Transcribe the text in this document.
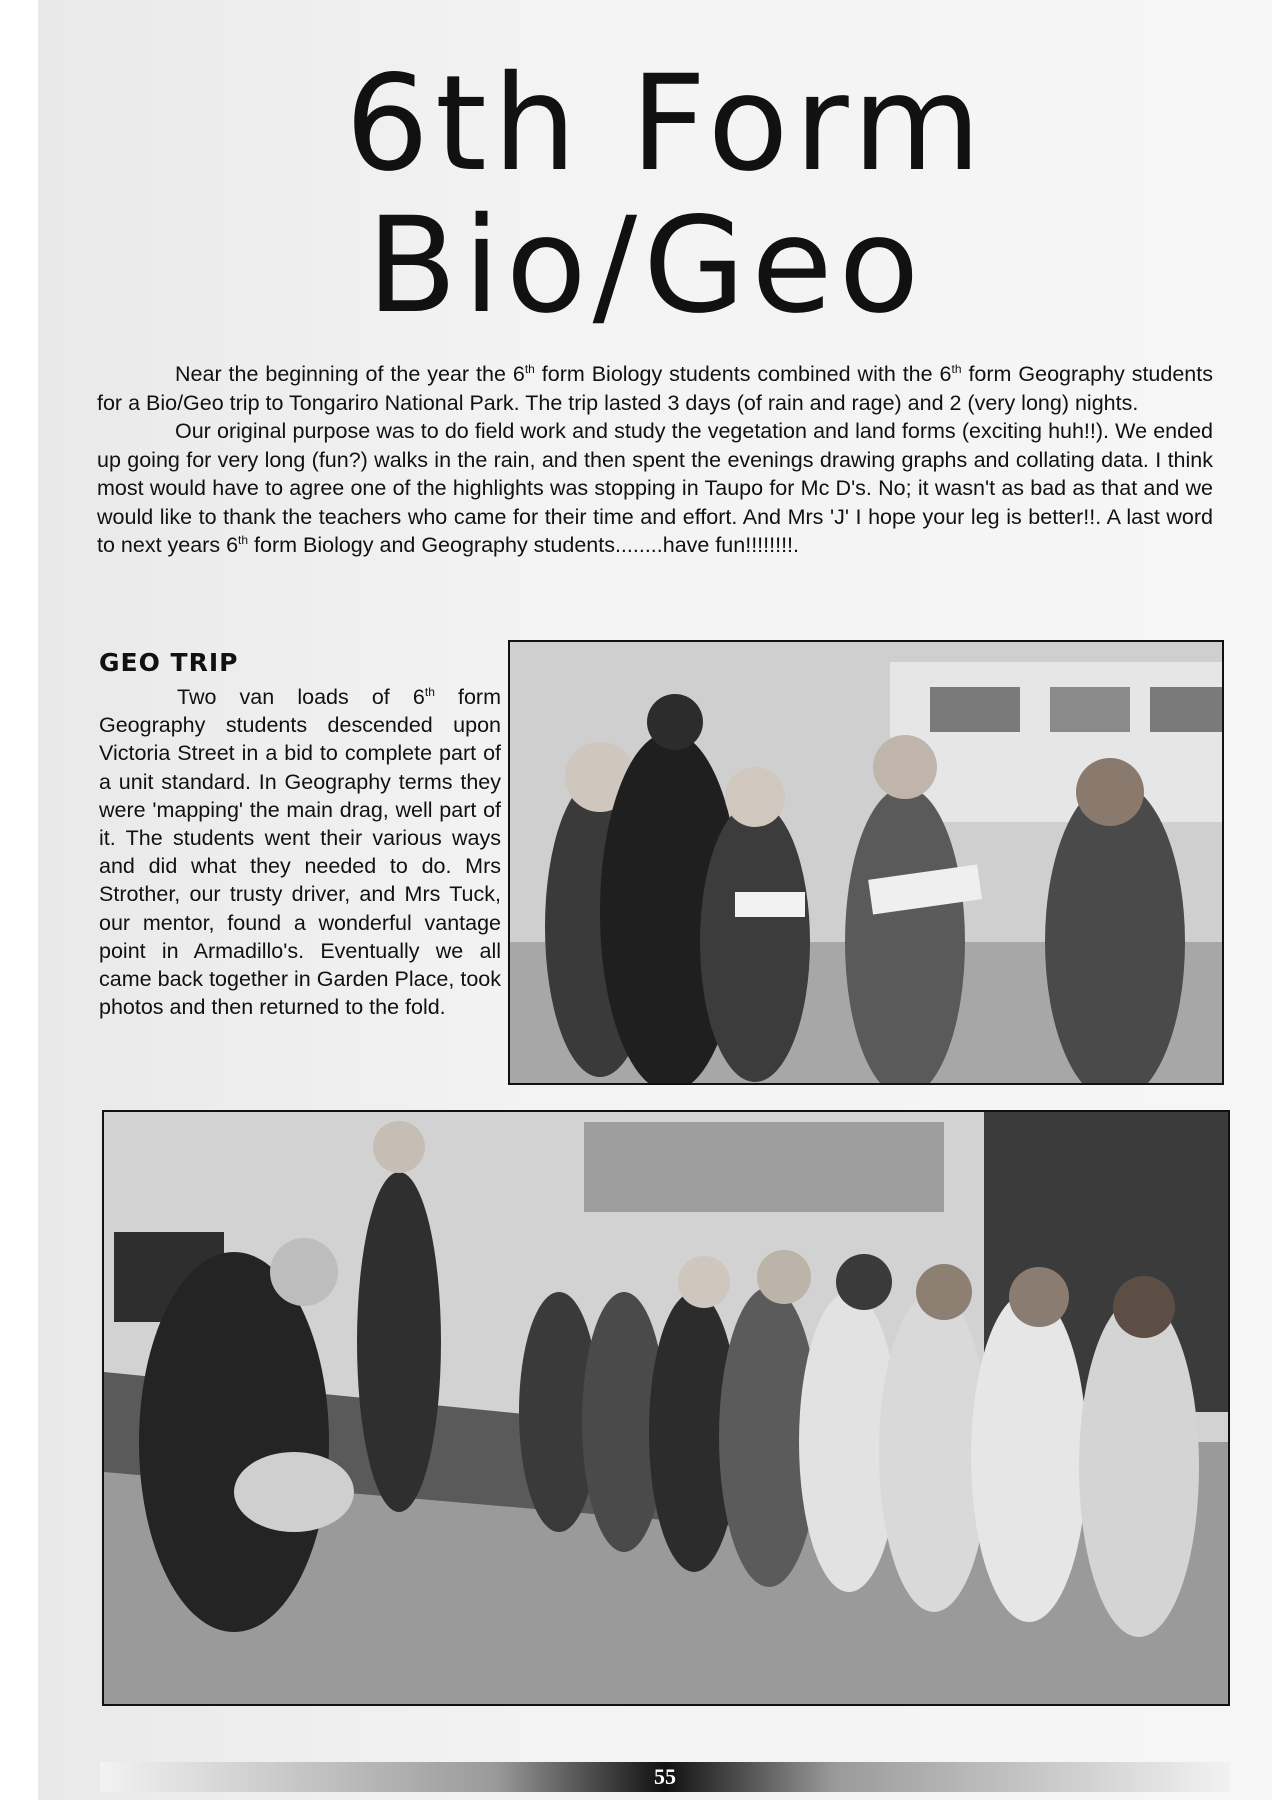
6th Form
Bio/Geo

Near the beginning of the year the 6th form Biology students combined with the 6th form Geography students for a Bio/Geo trip to Tongariro National Park. The trip lasted 3 days (of rain and rage) and 2 (very long) nights.

Our original purpose was to do field work and study the vegetation and land forms (exciting huh!!). We ended up going for very long (fun?) walks in the rain, and then spent the evenings drawing graphs and collating data. I think most would have to agree one of the highlights was stopping in Taupo for Mc D's. No; it wasn't as bad as that and we would like to thank the teachers who came for their time and effort. And Mrs 'J' I hope your leg is better!!. A last word to next years 6th form Biology and Geography students........have fun!!!!!!!!.

GEO TRIP

Two van loads of 6th form Geography students descended upon Victoria Street in a bid to complete part of a unit standard. In Geography terms they were 'mapping' the main drag, well part of it. The students went their various ways and did what they needed to do. Mrs Strother, our trusty driver, and Mrs Tuck, our mentor, found a wonderful vantage point in Armadillo's. Eventually we all came back together in Garden Place, took photos and then returned to the fold.

55
